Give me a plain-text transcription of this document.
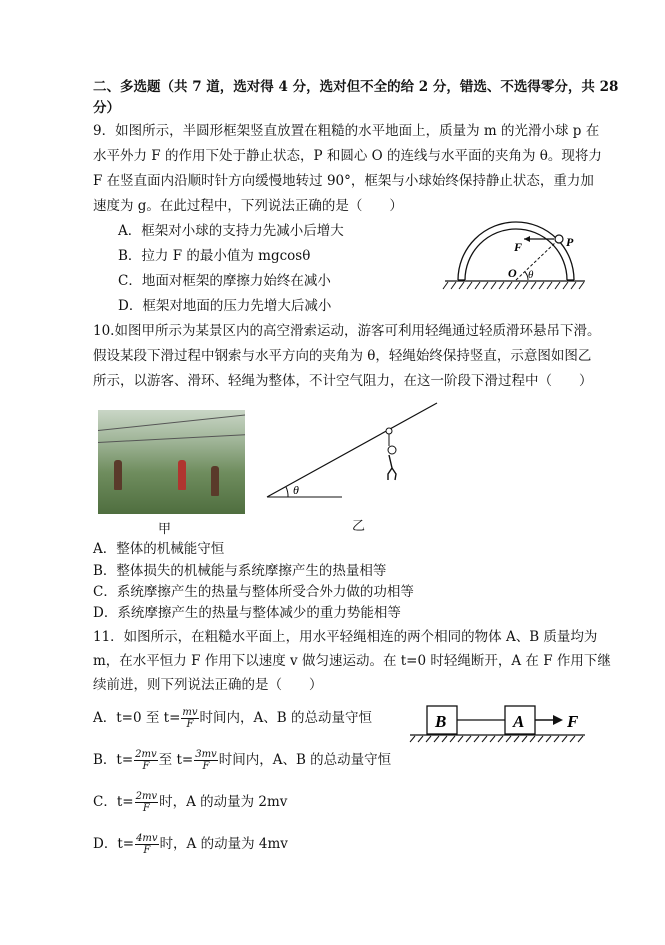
二、多选题（共 7 道，选对得 4 分，选对但不全的给 2 分，错选、不选得零分，共 28
分）
9．如图所示，半圆形框架竖直放置在粗糙的水平地面上，质量为 m 的光滑小球 p 在
水平外力 F 的作用下处于静止状态，P 和圆心 O 的连线与水平面的夹角为 θ。现将力
F 在竖直面内沿顺时针方向缓慢地转过 90°，框架与小球始终保持静止状态，重力加
速度为 g。在此过程中，下列说法正确的是（　　）
A．框架对小球的支持力先减小后增大
B．拉力 F 的最小值为 mgcosθ
C．地面对框架的摩擦力始终在减小
D．框架对地面的压力先增大后减小
F	P
O θ
10.如图甲所示为某景区内的高空滑索运动，游客可利用轻绳通过轻质滑环悬吊下滑。
假设某段下滑过程中钢索与水平方向的夹角为 θ，轻绳始终保持竖直，示意图如图乙
所示，以游客、滑环、轻绳为整体，不计空气阻力，在这一阶段下滑过程中（　　）
甲
θ
乙
A．整体的机械能守恒
B．整体损失的机械能与系统摩擦产生的热量相等
C．系统摩擦产生的热量与整体所受合外力做的功相等
D．系统摩擦产生的热量与整体减少的重力势能相等
11．如图所示，在粗糙水平面上，用水平轻绳相连的两个相同的物体 A、B 质量均为
m，在水平恒力 F 作用下以速度 v 做匀速运动。在 t=0 时轻绳断开，A 在 F 作用下继
续前进，则下列说法正确的是（　　）
B	A	F
A．t=0 至 $t= \frac{mv}{F}$ 时间内，A、B 的总动量守恒
B．$t= \frac{2mv}{F}$ 至 $t= \frac{3mv}{F}$ 时间内，A、B 的总动量守恒
C．$t= \frac{2mv}{F}$ 时，A 的动量为 2mv
D．$t= \frac{4mv}{F}$ 时，A 的动量为 4mv
